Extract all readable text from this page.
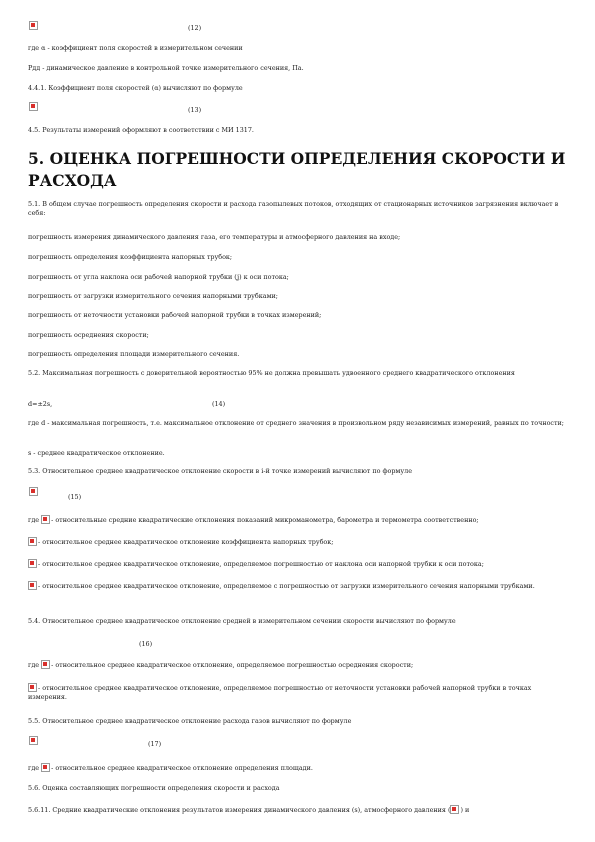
(12)
где α - коэффициент поля скоростей в измерительном сечении
Рдд - динамическое давление в контрольной точке измерительного сечения, Па.
4.4.1. Коэффициент поля скоростей (α) вычисляют по формуле
(13)
4.5. Результаты измерений оформляют в соответствии с МИ 1317.
5. ОЦЕНКА ПОГРЕШНОСТИ ОПРЕДЕЛЕНИЯ СКОРОСТИ И РАСХОДА
5.1. В общем случае погрешность определения скорости и расхода газопылевых потоков, отходящих от стационарных источников загрязнения включает в себя:
погрешность измерения динамического давления газа, его температуры и атмосферного давления на входе;
погрешность определения коэффициента напорных трубок;
погрешность от угла наклона оси рабочей напорной трубки (ʝ) к оси потока;
погрешность от загрузки измерительного сечения напорными трубками;
погрешность от неточности установки рабочей напорной трубки в точках измерений;
погрешность осреднения скорости;
погрешность определения площади измерительного сечения.
5.2. Максимальная погрешность с доверительной вероятностью 95% не должна превышать удвоенного среднего квадратического отклонения
d=±2s,	(14)
где d - максимальная погрешность, т.е. максимальное отклонение от среднего значения в произвольном ряду независимых измерений, равных по точности;
s - среднее квадратическое отклонение.
5.3. Относительное среднее квадратическое отклонение скорости в i-й точке измерений вычисляют по формуле
(15)
где - относительные средние квадратические отклонения показаний микроманометра, барометра и термометра соответственно;
- относительное среднее квадратическое отклонение коэффициента напорных трубок;
- относительное среднее квадратическое отклонение, определяемое погрешностью от наклона оси напорной трубки к оси потока;
- относительное среднее квадратическое отклонение, определяемое с погрешностью от загрузки измерительного сечения напорными трубками.
5.4. Относительное среднее квадратическое отклонение средней в измерительном сечении скорости вычисляют по формуле
(16)
где - относительное среднее квадратическое отклонение, определяемое погрешностью осреднения скорости;
- относительное среднее квадратическое отклонение, определяемое погрешностью от неточности установки рабочей напорной трубки в точках измерения.
5.5. Относительное среднее квадратическое отклонение расхода газов вычисляют по формуле
(17)
где - относительное среднее квадратическое отклонение определения площади.
5.6. Оценка составляющих погрешности определения скорости и расхода
5.6.11. Средние квадратические отклонения результатов измерения динамического давления (s), атмосферного давления ( ) и
